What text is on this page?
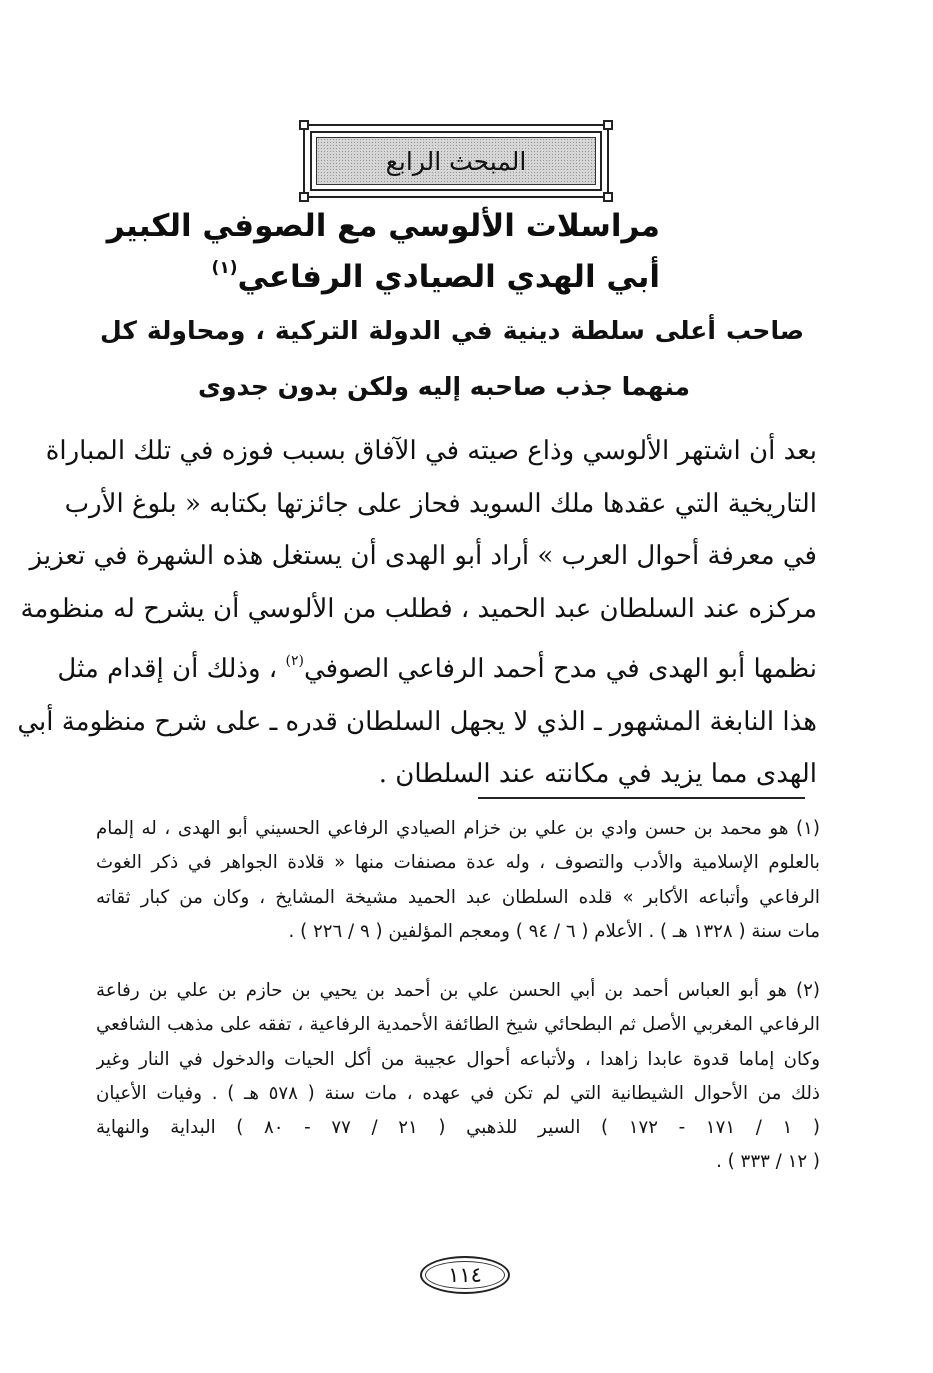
المبحث الرابع
مراسلات الألوسي مع الصوفي الكبير
أبي الهدي الصيادي الرفاعي$^{(١)}$
صاحب أعلى سلطة دينية في الدولة التركية ، ومحاولة كل
منهما جذب صاحبه إليه ولكن بدون جدوى
بعد أن اشتهر الألوسي وذاع صيته في الآفاق بسبب فوزه في تلك المباراة
التاريخية التي عقدها ملك السويد فحاز على جائزتها بكتابه « بلوغ الأرب
في معرفة أحوال العرب » أراد أبو الهدى أن يستغل هذه الشهرة في تعزيز
مركزه عند السلطان عبد الحميد ، فطلب من الألوسي أن يشرح له منظومة
نظمها أبو الهدى في مدح أحمد الرفاعي الصوفي$^{(٢)}$ ، وذلك أن إقدام مثل
هذا النابغة المشهور ـ الذي لا يجهل السلطان قدره ـ على شرح منظومة أبي
الهدى مما يزيد في مكانته عند السلطان .
(١) هو محمد بن حسن وادي بن علي بن خزام الصيادي الرفاعي الحسيني أبو الهدى ، له إلمام
بالعلوم الإسلامية والأدب والتصوف ، وله عدة مصنفات منها « قلادة الجواهر في ذكر الغوث
الرفاعي وأتباعه الأكابر » قلده السلطان عبد الحميد مشيخة المشايخ ، وكان من كبار ثقاته
مات سنة ( ١٣٢٨ هـ ) . الأعلام ( ٦ / ٩٤ ) ومعجم المؤلفين ( ٩ / ٢٢٦ ) .
(٢) هو أبو العباس أحمد بن أبي الحسن علي بن أحمد بن يحيي بن حازم بن علي بن رفاعة
الرفاعي المغربي الأصل ثم البطحائي شيخ الطائفة الأحمدية الرفاعية ، تفقه على مذهب الشافعي
وكان إماما قدوة عابدا زاهدا ، ولأتباعه أحوال عجيبة من أكل الحيات والدخول في النار وغير
ذلك من الأحوال الشيطانية التي لم تكن في عهده ، مات سنة ( ٥٧٨ هـ ) . وفيات الأعيان
( ١ / ١٧١ - ١٧٢ ) السير للذهبي ( ٢١ / ٧٧ - ٨٠ ) البداية والنهاية
( ١٢ / ٣٣٣ ) .
١١٤
